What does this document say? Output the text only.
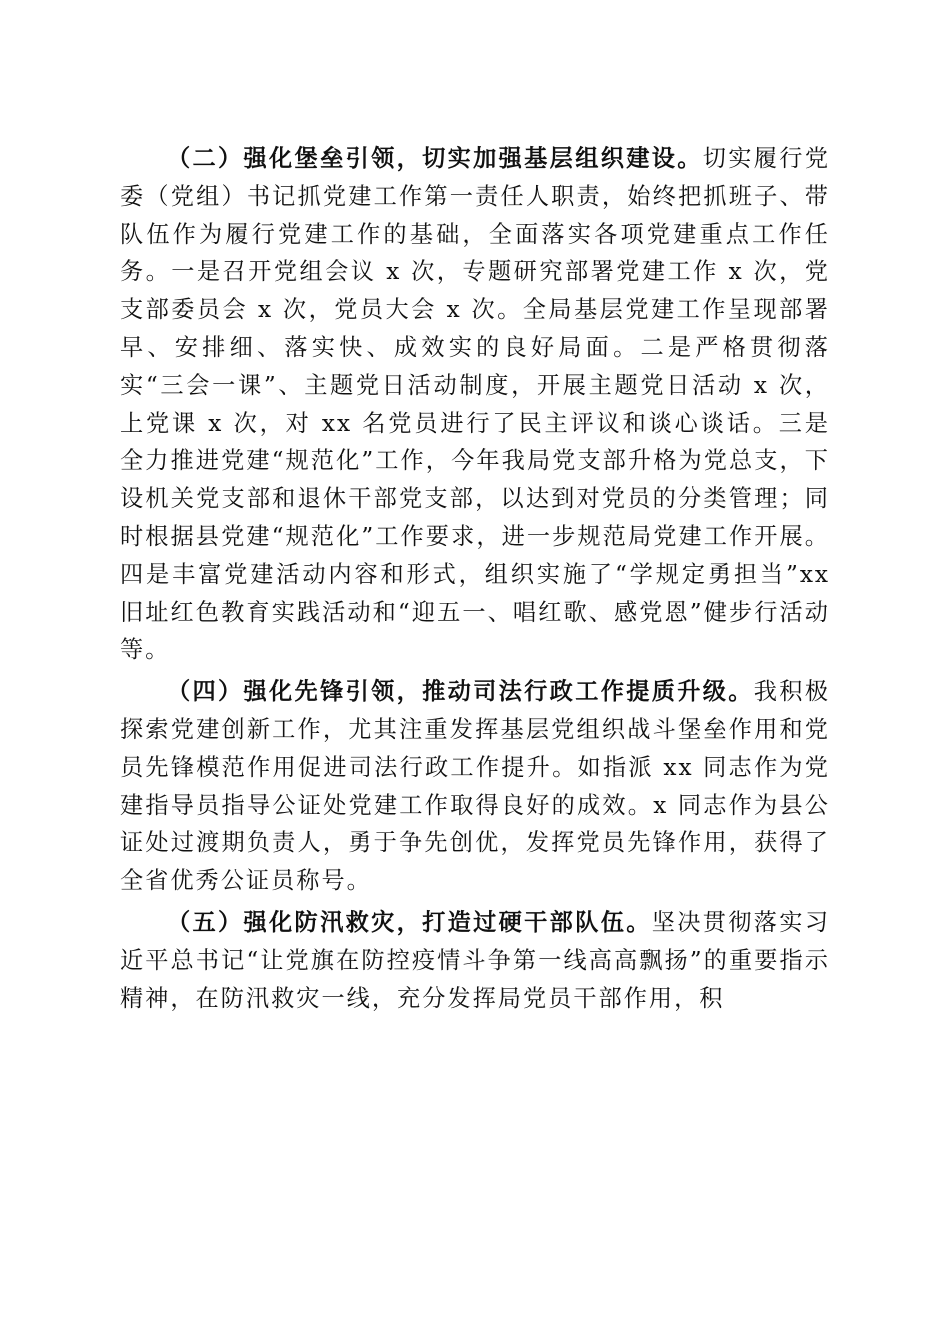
（二）强化堡垒引领，切实加强基层组织建设。切实履行党委（党组）书记抓党建工作第一责任人职责，始终把抓班子、带队伍作为履行党建工作的基础，全面落实各项党建重点工作任务。一是召开党组会议 x 次，专题研究部署党建工作 x 次，党支部委员会 x 次，党员大会 x 次。全局基层党建工作呈现部署早、安排细、落实快、成效实的良好局面。二是严格贯彻落实“三会一课”、主题党日活动制度，开展主题党日活动 x 次，上党课 x 次，对 xx 名党员进行了民主评议和谈心谈话。三是全力推进党建“规范化”工作，今年我局党支部升格为党总支，下设机关党支部和退休干部党支部，以达到对党员的分类管理；同时根据县党建“规范化”工作要求，进一步规范局党建工作开展。四是丰富党建活动内容和形式，组织实施了“学规定勇担当”xx 旧址红色教育实践活动和“迎五一、唱红歌、感党恩”健步行活动等。

（四）强化先锋引领，推动司法行政工作提质升级。我积极探索党建创新工作，尤其注重发挥基层党组织战斗堡垒作用和党员先锋模范作用促进司法行政工作提升。如指派 xx 同志作为党建指导员指导公证处党建工作取得良好的成效。x 同志作为县公证处过渡期负责人，勇于争先创优，发挥党员先锋作用，获得了全省优秀公证员称号。

（五）强化防汛救灾，打造过硬干部队伍。坚决贯彻落实习近平总书记“让党旗在防控疫情斗争第一线高高飘扬”的重要指示精神，在防汛救灾一线，充分发挥局党员干部作用，积
